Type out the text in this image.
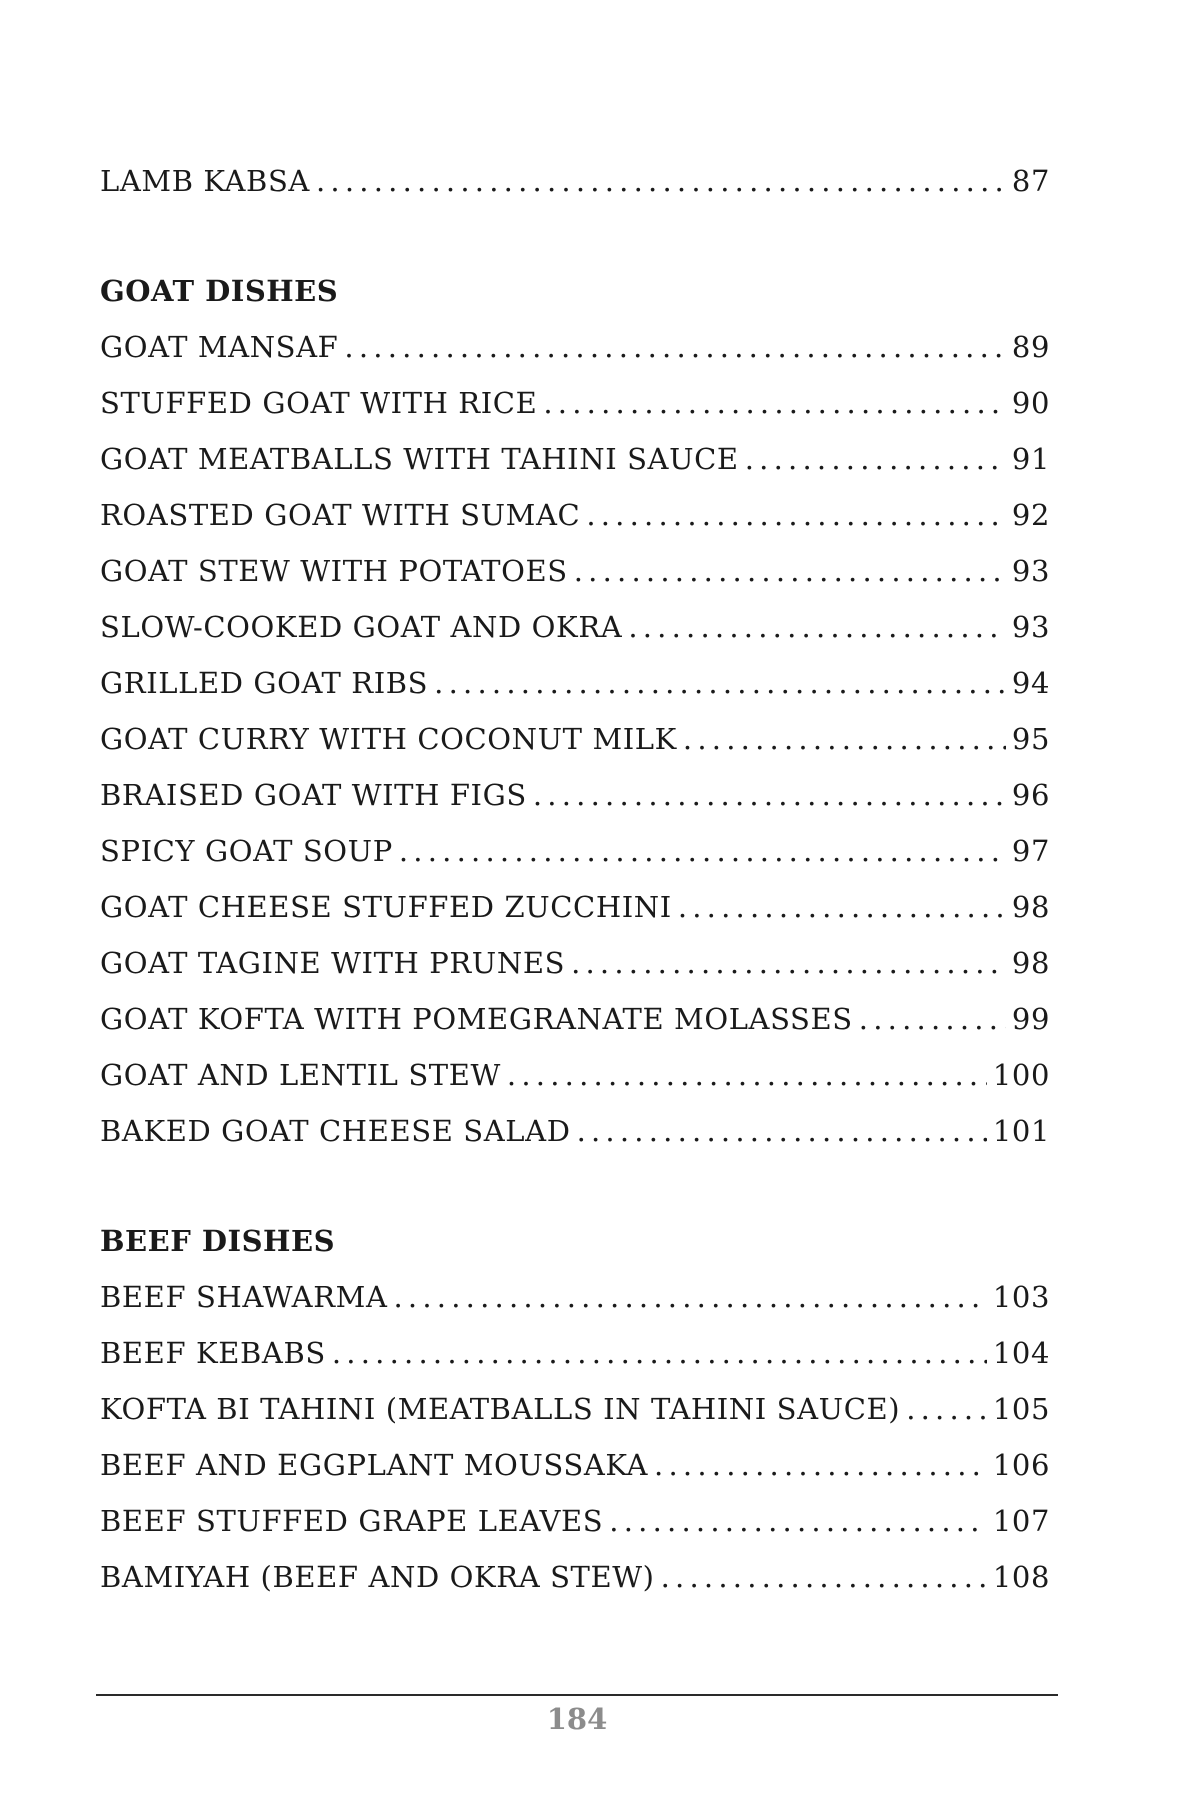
LAMB KABSA . . .	87
GOAT DISHES
GOAT MANSAF . . .	89
STUFFED GOAT WITH RICE . . .	90
GOAT MEATBALLS WITH TAHINI SAUCE . . .	91
ROASTED GOAT WITH SUMAC . . .	92
GOAT STEW WITH POTATOES . . .	93
SLOW-COOKED GOAT AND OKRA . . .	93
GRILLED GOAT RIBS . . .	94
GOAT CURRY WITH COCONUT MILK . . .	95
BRAISED GOAT WITH FIGS . . .	96
SPICY GOAT SOUP . . .	97
GOAT CHEESE STUFFED ZUCCHINI . . .	98
GOAT TAGINE WITH PRUNES . . .	98
GOAT KOFTA WITH POMEGRANATE MOLASSES . . .	99
GOAT AND LENTIL STEW . . .	100
BAKED GOAT CHEESE SALAD . . .	101
BEEF DISHES
BEEF SHAWARMA . . .	103
BEEF KEBABS . . .	104
KOFTA BI TAHINI (MEATBALLS IN TAHINI SAUCE) . . .	105
BEEF AND EGGPLANT MOUSSAKA . . .	106
BEEF STUFFED GRAPE LEAVES . . .	107
BAMIYAH (BEEF AND OKRA STEW) . . .	108
184
